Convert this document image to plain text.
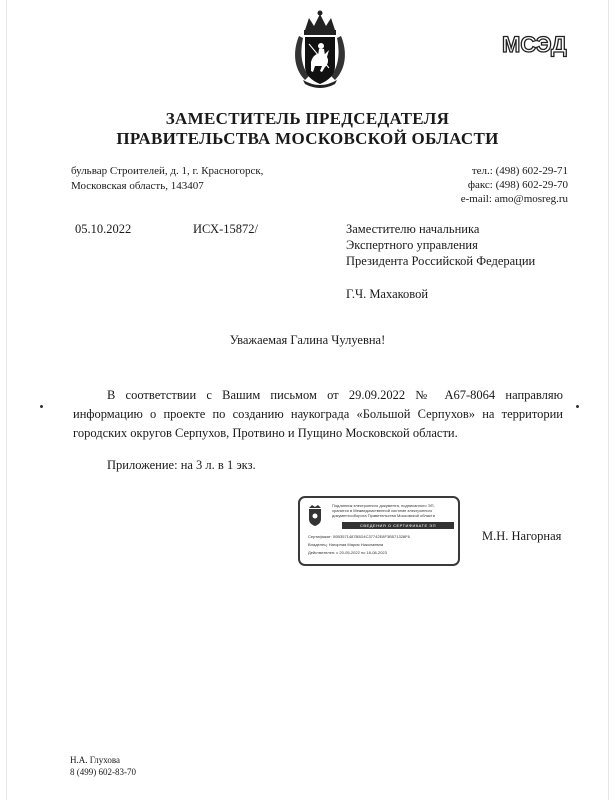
МСЭД
ЗАМЕСТИТЕЛЬ ПРЕДСЕДАТЕЛЯ
ПРАВИТЕЛЬСТВА МОСКОВСКОЙ ОБЛАСТИ
бульвар Строителей, д. 1, г. Красногорск,
Московская область, 143407
тел.: (498) 602-29-71
факс: (498) 602-29-70
e-mail: amo@mosreg.ru
05.10.2022	ИСХ-15872/	Заместителю начальника
Экспертного управления
Президента Российской Федерации
Г.Ч. Махаковой
Уважаемая Галина Чулуевна!
В соответствии с Вашим письмом от 29.09.2022 № А67-8064 направляю информацию о проекте по созданию наукограда «Большой Серпухов» на территории городских округов Серпухов, Протвино и Пущино Московской области.
Приложение: на 3 л. в 1 экз.
Подлинник электронного документа, подписанного ЭП,
хранится в Межведомственной системе электронного
документооборота Правительства Московской области
СВЕДЕНИЯ О СЕРТИФИКАТЕ ЭП
Сертификат: 00B3571487B5D4C37742E8F3B571328F6
Владелец: Нагорная Мария Николаевна
Действителен: с 20-05-2022 по 18-08-2023
М.Н. Нагорная
Н.А. Глухова
8 (499) 602-83-70
